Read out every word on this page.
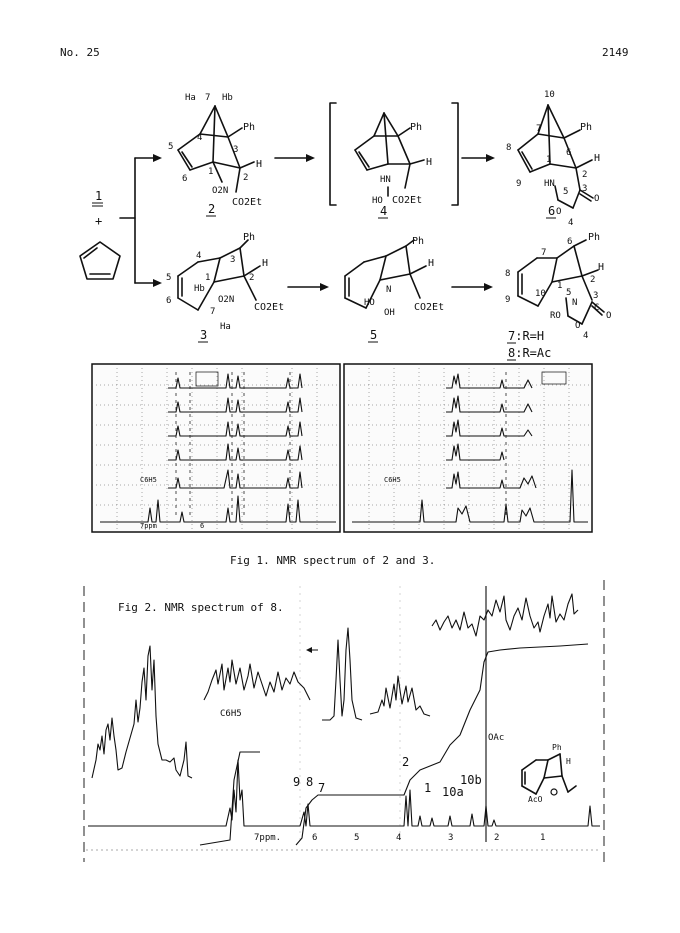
No. 25	2149
1
+
Ha 7 Hb
4
5
6
1
O2N
3
Ph
H
2
CO2Et
2
Ph
H
HN
HO CO2Et
4
10
7	Ph
8
1
6 H
2
9	HN
5 3
O
O
4
6
4
Ph
3	H
2
5
6
1
Hb
O2N
7
Ha
CO2Et
3
Ph
H
N
HO
OH CO2Et
5
7
6 Ph
8
H
2
10
1
5
N
RO
3
9
C
O
O
4
7:R=H
8:R=Ac
C6H5
7ppm	6
C6H5
Fig 1. NMR spectrum of 2 and 3.
Fig 2. NMR spectrum of 8.
C6H5
9 8 7
2
1 10a
10b
OAc
7ppm.	6	5	4	3	2	1
Ph
H
AcO
